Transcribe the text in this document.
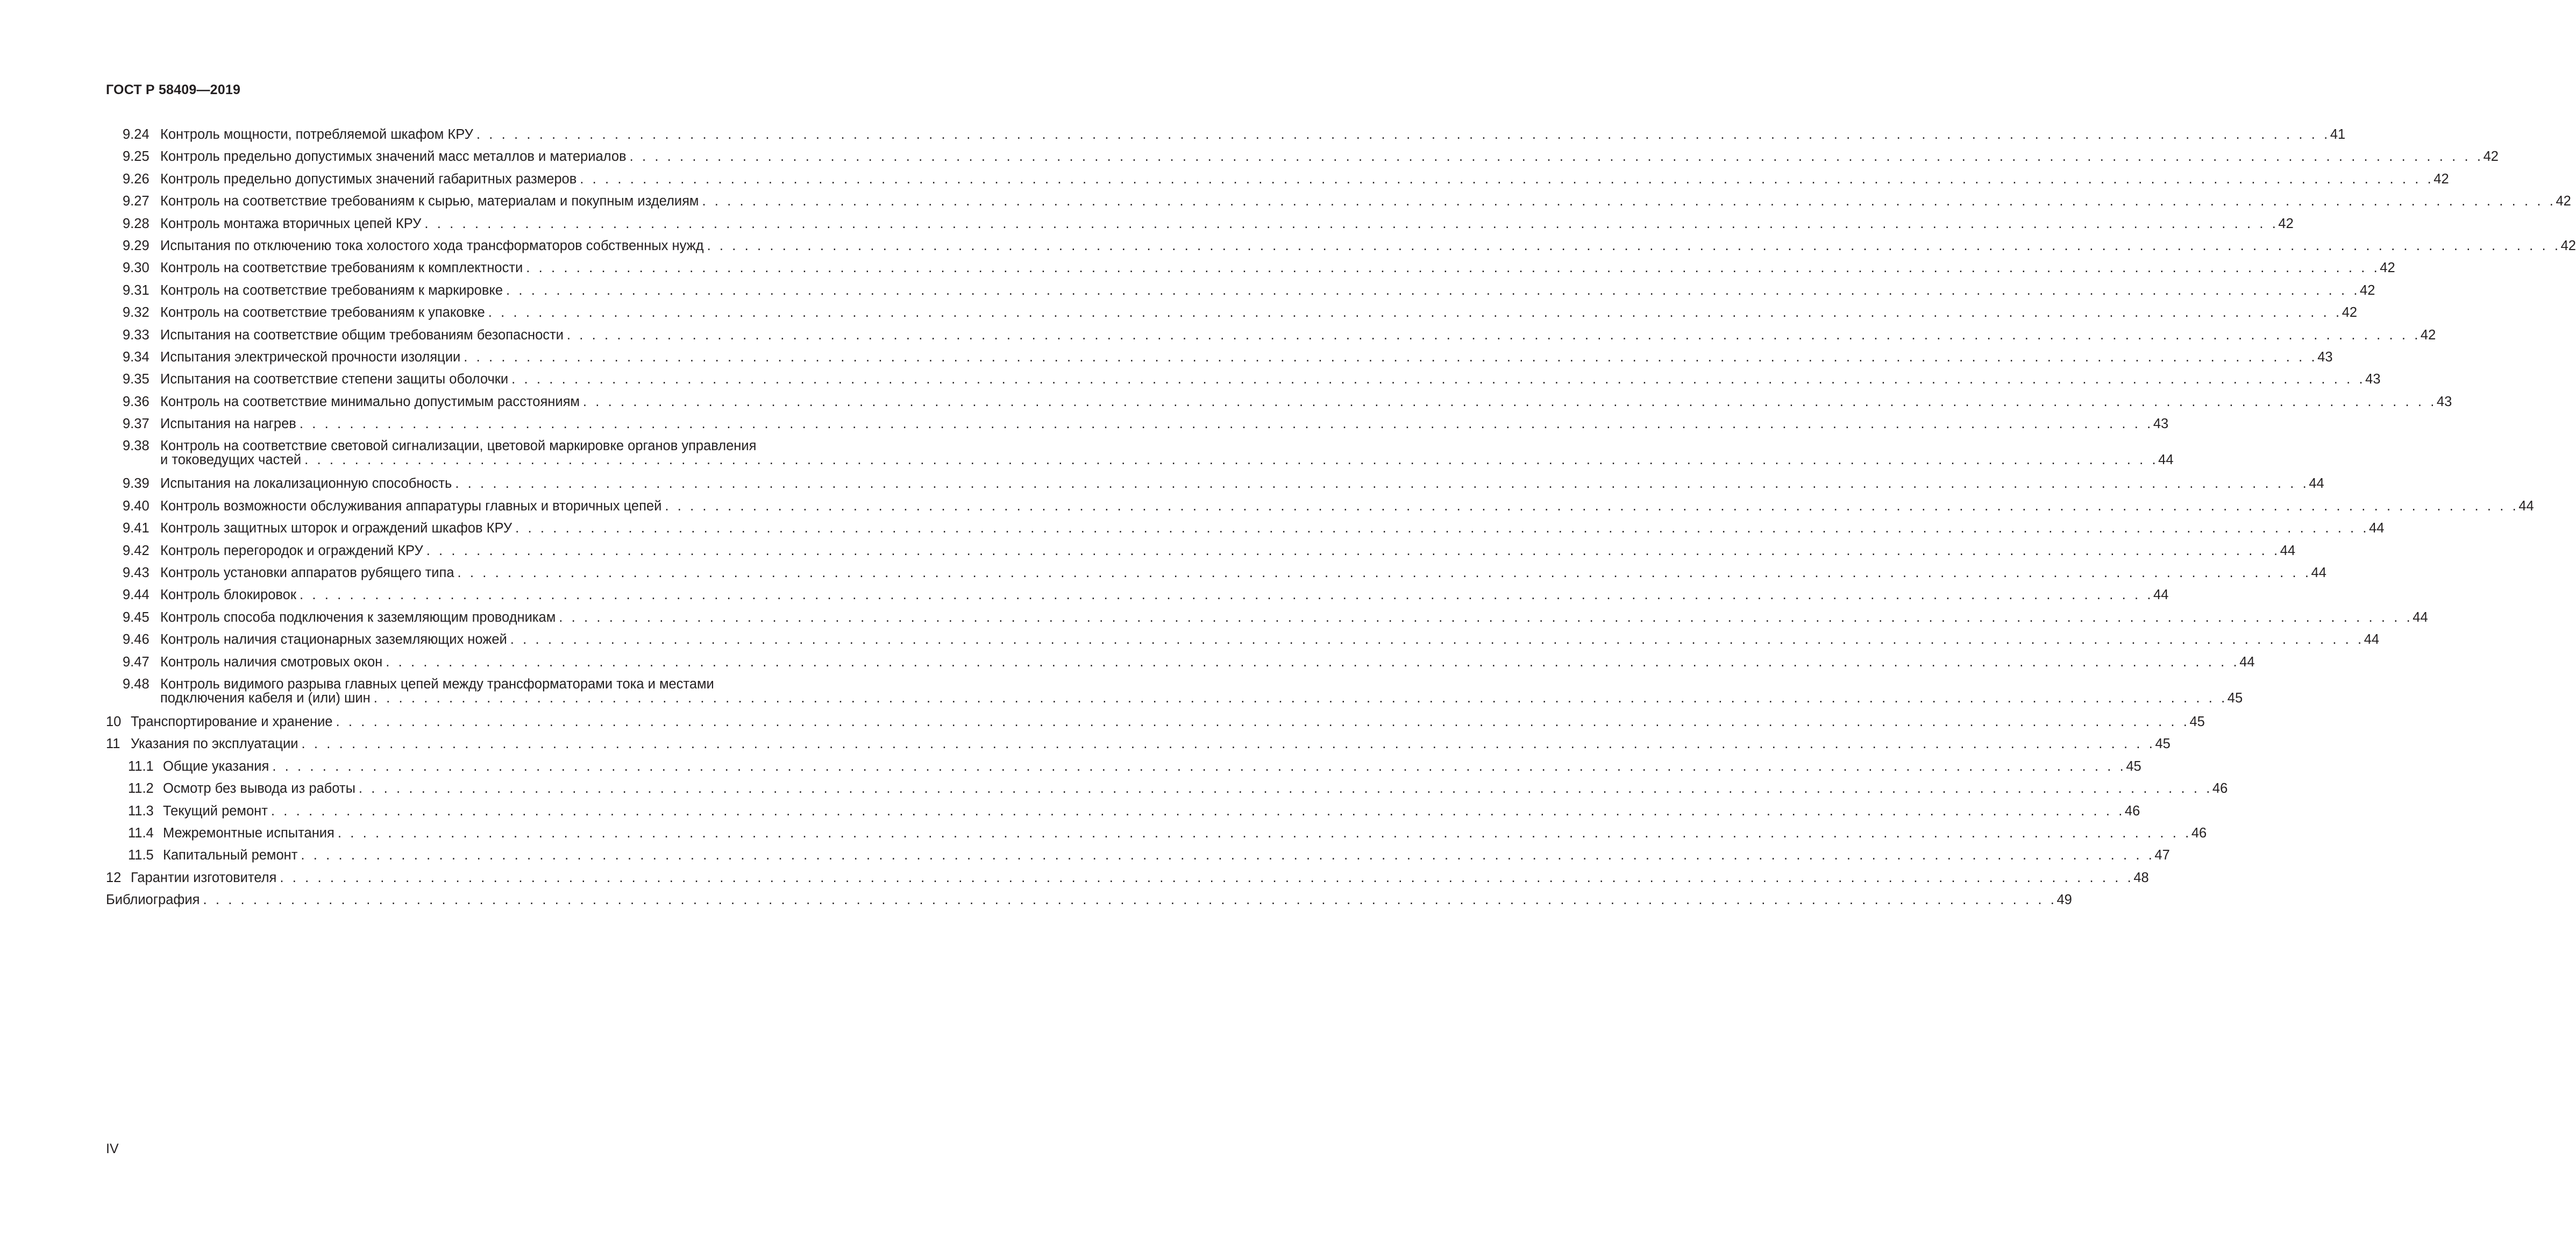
ГОСТ Р 58409—2019
9.24 Контроль мощности, потребляемой шкафом КРУ . . . . . . . . . . . . . . . . . . . . . . . . . . . . . . . . . . . . . . . . . . . . . . . . . . . . . . . . . . . . . . . . . . . . . . . . . . . . . . . . . . . . . . . . . . . . . . . . . . . . . . . . . . . . . . . . . . . . . . . . . . . . . . . . . . . . . . . . . . . . . . . . . . . . 41
9.25 Контроль предельно допустимых значений масс металлов и материалов . . . . . . . . . . . . . . . . . . . . . . . . . . . . . . . . . . . . . . . . . . . . . . . . . . . . . . . . . . . . . . . . . . . . . . . . . . . . . . . . . . . . . . . . . . . . . . . . . . . . . . . . . . . . . . . . . . . . . . . . . . . . . . . . . . . . . . . . . . . . . . . . . . . . 42
9.26 Контроль предельно допустимых значений габаритных размеров . . . . . . . . . . . . . . . . . . . . . . . . . . . . . . . . . . . . . . . . . . . . . . . . . . . . . . . . . . . . . . . . . . . . . . . . . . . . . . . . . . . . . . . . . . . . . . . . . . . . . . . . . . . . . . . . . . . . . . . . . . . . . . . . . . . . . . . . . . . . . . . . . . . . 42
9.27 Контроль на соответствие требованиям к сырью, материалам и покупным изделиям . . . . . . . . . . . . . . . . . . . . . . . . . . . . . . . . . . . . . . . . . . . . . . . . . . . . . . . . . . . . . . . . . . . . . . . . . . . . . . . . . . . . . . . . . . . . . . . . . . . . . . . . . . . . . . . . . . . . . . . . . . . . . . . . . . . . . . . . . . . . . . . . . . . . 42
9.28 Контроль монтажа вторичных цепей КРУ . . . . . . . . . . . . . . . . . . . . . . . . . . . . . . . . . . . . . . . . . . . . . . . . . . . . . . . . . . . . . . . . . . . . . . . . . . . . . . . . . . . . . . . . . . . . . . . . . . . . . . . . . . . . . . . . . . . . . . . . . . . . . . . . . . . . . . . . . . . . . . . . . . . . 42
9.29 Испытания по отключению тока холостого хода трансформаторов собственных нужд . . . . . . . . . . . . . . . . . . . . . . . . . . . . . . . . . . . . . . . . . . . . . . . . . . . . . . . . . . . . . . . . . . . . . . . . . . . . . . . . . . . . . . . . . . . . . . . . . . . . . . . . . . . . . . . . . . . . . . . . . . . . . . . . . . . . . . . . . . . . . . . . . . . . 42
9.30 Контроль на соответствие требованиям к комплектности . . . . . . . . . . . . . . . . . . . . . . . . . . . . . . . . . . . . . . . . . . . . . . . . . . . . . . . . . . . . . . . . . . . . . . . . . . . . . . . . . . . . . . . . . . . . . . . . . . . . . . . . . . . . . . . . . . . . . . . . . . . . . . . . . . . . . . . . . . . . . . . . . . . . 42
9.31 Контроль на соответствие требованиям к маркировке . . . . . . . . . . . . . . . . . . . . . . . . . . . . . . . . . . . . . . . . . . . . . . . . . . . . . . . . . . . . . . . . . . . . . . . . . . . . . . . . . . . . . . . . . . . . . . . . . . . . . . . . . . . . . . . . . . . . . . . . . . . . . . . . . . . . . . . . . . . . . . . . . . . . 42
9.32 Контроль на соответствие требованиям к упаковке . . . . . . . . . . . . . . . . . . . . . . . . . . . . . . . . . . . . . . . . . . . . . . . . . . . . . . . . . . . . . . . . . . . . . . . . . . . . . . . . . . . . . . . . . . . . . . . . . . . . . . . . . . . . . . . . . . . . . . . . . . . . . . . . . . . . . . . . . . . . . . . . . . . . 42
9.33 Испытания на соответствие общим требованиям безопасности . . . . . . . . . . . . . . . . . . . . . . . . . . . . . . . . . . . . . . . . . . . . . . . . . . . . . . . . . . . . . . . . . . . . . . . . . . . . . . . . . . . . . . . . . . . . . . . . . . . . . . . . . . . . . . . . . . . . . . . . . . . . . . . . . . . . . . . . . . . . . . . . . . . . 42
9.34 Испытания электрической прочности изоляции . . . . . . . . . . . . . . . . . . . . . . . . . . . . . . . . . . . . . . . . . . . . . . . . . . . . . . . . . . . . . . . . . . . . . . . . . . . . . . . . . . . . . . . . . . . . . . . . . . . . . . . . . . . . . . . . . . . . . . . . . . . . . . . . . . . . . . . . . . . . . . . . . . . . 43
9.35 Испытания на соответствие степени защиты оболочки . . . . . . . . . . . . . . . . . . . . . . . . . . . . . . . . . . . . . . . . . . . . . . . . . . . . . . . . . . . . . . . . . . . . . . . . . . . . . . . . . . . . . . . . . . . . . . . . . . . . . . . . . . . . . . . . . . . . . . . . . . . . . . . . . . . . . . . . . . . . . . . . . . . . 43
9.36 Контроль на соответствие минимально допустимым расстояниям . . . . . . . . . . . . . . . . . . . . . . . . . . . . . . . . . . . . . . . . . . . . . . . . . . . . . . . . . . . . . . . . . . . . . . . . . . . . . . . . . . . . . . . . . . . . . . . . . . . . . . . . . . . . . . . . . . . . . . . . . . . . . . . . . . . . . . . . . . . . . . . . . . . . 43
9.37 Испытания на нагрев . . . . . . . . . . . . . . . . . . . . . . . . . . . . . . . . . . . . . . . . . . . . . . . . . . . . . . . . . . . . . . . . . . . . . . . . . . . . . . . . . . . . . . . . . . . . . . . . . . . . . . . . . . . . . . . . . . . . . . . . . . . . . . . . . . . . . . . . . . . . . . . . . . . . 43
9.38 Контроль на соответствие световой сигнализации, цветовой маркировке органов управления
и токоведущих частей . . . . . . . . . . . . . . . . . . . . . . . . . . . . . . . . . . . . . . . . . . . . . . . . . . . . . . . . . . . . . . . . . . . . . . . . . . . . . . . . . . . . . . . . . . . . . . . . . . . . . . . . . . . . . . . . . . . . . . . . . . . . . . . . . . . . . . . . . . . . . . . . . . . . 44
9.39 Испытания на локализационную способность . . . . . . . . . . . . . . . . . . . . . . . . . . . . . . . . . . . . . . . . . . . . . . . . . . . . . . . . . . . . . . . . . . . . . . . . . . . . . . . . . . . . . . . . . . . . . . . . . . . . . . . . . . . . . . . . . . . . . . . . . . . . . . . . . . . . . . . . . . . . . . . . . . . . 44
9.40 Контроль возможности обслуживания аппаратуры главных и вторичных цепей . . . . . . . . . . . . . . . . . . . . . . . . . . . . . . . . . . . . . . . . . . . . . . . . . . . . . . . . . . . . . . . . . . . . . . . . . . . . . . . . . . . . . . . . . . . . . . . . . . . . . . . . . . . . . . . . . . . . . . . . . . . . . . . . . . . . . . . . . . . . . . . . . . . . 44
9.41 Контроль защитных шторок и ограждений шкафов КРУ . . . . . . . . . . . . . . . . . . . . . . . . . . . . . . . . . . . . . . . . . . . . . . . . . . . . . . . . . . . . . . . . . . . . . . . . . . . . . . . . . . . . . . . . . . . . . . . . . . . . . . . . . . . . . . . . . . . . . . . . . . . . . . . . . . . . . . . . . . . . . . . . . . . . 44
9.42 Контроль перегородок и ограждений КРУ . . . . . . . . . . . . . . . . . . . . . . . . . . . . . . . . . . . . . . . . . . . . . . . . . . . . . . . . . . . . . . . . . . . . . . . . . . . . . . . . . . . . . . . . . . . . . . . . . . . . . . . . . . . . . . . . . . . . . . . . . . . . . . . . . . . . . . . . . . . . . . . . . . . . 44
9.43 Контроль установки аппаратов рубящего типа . . . . . . . . . . . . . . . . . . . . . . . . . . . . . . . . . . . . . . . . . . . . . . . . . . . . . . . . . . . . . . . . . . . . . . . . . . . . . . . . . . . . . . . . . . . . . . . . . . . . . . . . . . . . . . . . . . . . . . . . . . . . . . . . . . . . . . . . . . . . . . . . . . . . 44
9.44 Контроль блокировок . . . . . . . . . . . . . . . . . . . . . . . . . . . . . . . . . . . . . . . . . . . . . . . . . . . . . . . . . . . . . . . . . . . . . . . . . . . . . . . . . . . . . . . . . . . . . . . . . . . . . . . . . . . . . . . . . . . . . . . . . . . . . . . . . . . . . . . . . . . . . . . . . . . . 44
9.45 Контроль способа подключения к заземляющим проводникам . . . . . . . . . . . . . . . . . . . . . . . . . . . . . . . . . . . . . . . . . . . . . . . . . . . . . . . . . . . . . . . . . . . . . . . . . . . . . . . . . . . . . . . . . . . . . . . . . . . . . . . . . . . . . . . . . . . . . . . . . . . . . . . . . . . . . . . . . . . . . . . . . . . . 44
9.46 Контроль наличия стационарных заземляющих ножей . . . . . . . . . . . . . . . . . . . . . . . . . . . . . . . . . . . . . . . . . . . . . . . . . . . . . . . . . . . . . . . . . . . . . . . . . . . . . . . . . . . . . . . . . . . . . . . . . . . . . . . . . . . . . . . . . . . . . . . . . . . . . . . . . . . . . . . . . . . . . . . . . . . . 44
9.47 Контроль наличия смотровых окон . . . . . . . . . . . . . . . . . . . . . . . . . . . . . . . . . . . . . . . . . . . . . . . . . . . . . . . . . . . . . . . . . . . . . . . . . . . . . . . . . . . . . . . . . . . . . . . . . . . . . . . . . . . . . . . . . . . . . . . . . . . . . . . . . . . . . . . . . . . . . . . . . . . . 44
9.48 Контроль видимого разрыва главных цепей между трансформаторами тока и местами
подключения кабеля и (или) шин . . . . . . . . . . . . . . . . . . . . . . . . . . . . . . . . . . . . . . . . . . . . . . . . . . . . . . . . . . . . . . . . . . . . . . . . . . . . . . . . . . . . . . . . . . . . . . . . . . . . . . . . . . . . . . . . . . . . . . . . . . . . . . . . . . . . . . . . . . . . . . . . . . . . 45
10 Транспортирование и хранение . . . . . . . . . . . . . . . . . . . . . . . . . . . . . . . . . . . . . . . . . . . . . . . . . . . . . . . . . . . . . . . . . . . . . . . . . . . . . . . . . . . . . . . . . . . . . . . . . . . . . . . . . . . . . . . . . . . . . . . . . . . . . . . . . . . . . . . . . . . . . . . . . . . . 45
11 Указания по эксплуатации . . . . . . . . . . . . . . . . . . . . . . . . . . . . . . . . . . . . . . . . . . . . . . . . . . . . . . . . . . . . . . . . . . . . . . . . . . . . . . . . . . . . . . . . . . . . . . . . . . . . . . . . . . . . . . . . . . . . . . . . . . . . . . . . . . . . . . . . . . . . . . . . . . . . 45
11.1 Общие указания . . . . . . . . . . . . . . . . . . . . . . . . . . . . . . . . . . . . . . . . . . . . . . . . . . . . . . . . . . . . . . . . . . . . . . . . . . . . . . . . . . . . . . . . . . . . . . . . . . . . . . . . . . . . . . . . . . . . . . . . . . . . . . . . . . . . . . . . . . . . . . . . . . . . 45
11.2 Осмотр без вывода из работы . . . . . . . . . . . . . . . . . . . . . . . . . . . . . . . . . . . . . . . . . . . . . . . . . . . . . . . . . . . . . . . . . . . . . . . . . . . . . . . . . . . . . . . . . . . . . . . . . . . . . . . . . . . . . . . . . . . . . . . . . . . . . . . . . . . . . . . . . . . . . . . . . . . . 46
11.3 Текущий ремонт . . . . . . . . . . . . . . . . . . . . . . . . . . . . . . . . . . . . . . . . . . . . . . . . . . . . . . . . . . . . . . . . . . . . . . . . . . . . . . . . . . . . . . . . . . . . . . . . . . . . . . . . . . . . . . . . . . . . . . . . . . . . . . . . . . . . . . . . . . . . . . . . . . . . 46
11.4 Межремонтные испытания . . . . . . . . . . . . . . . . . . . . . . . . . . . . . . . . . . . . . . . . . . . . . . . . . . . . . . . . . . . . . . . . . . . . . . . . . . . . . . . . . . . . . . . . . . . . . . . . . . . . . . . . . . . . . . . . . . . . . . . . . . . . . . . . . . . . . . . . . . . . . . . . . . . . 46
11.5 Капитальный ремонт . . . . . . . . . . . . . . . . . . . . . . . . . . . . . . . . . . . . . . . . . . . . . . . . . . . . . . . . . . . . . . . . . . . . . . . . . . . . . . . . . . . . . . . . . . . . . . . . . . . . . . . . . . . . . . . . . . . . . . . . . . . . . . . . . . . . . . . . . . . . . . . . . . . . 47
12 Гарантии изготовителя . . . . . . . . . . . . . . . . . . . . . . . . . . . . . . . . . . . . . . . . . . . . . . . . . . . . . . . . . . . . . . . . . . . . . . . . . . . . . . . . . . . . . . . . . . . . . . . . . . . . . . . . . . . . . . . . . . . . . . . . . . . . . . . . . . . . . . . . . . . . . . . . . . . . 48
Библиография . . . . . . . . . . . . . . . . . . . . . . . . . . . . . . . . . . . . . . . . . . . . . . . . . . . . . . . . . . . . . . . . . . . . . . . . . . . . . . . . . . . . . . . . . . . . . . . . . . . . . . . . . . . . . . . . . . . . . . . . . . . . . . . . . . . . . . . . . . . . . . . . . . . . 49
IV
